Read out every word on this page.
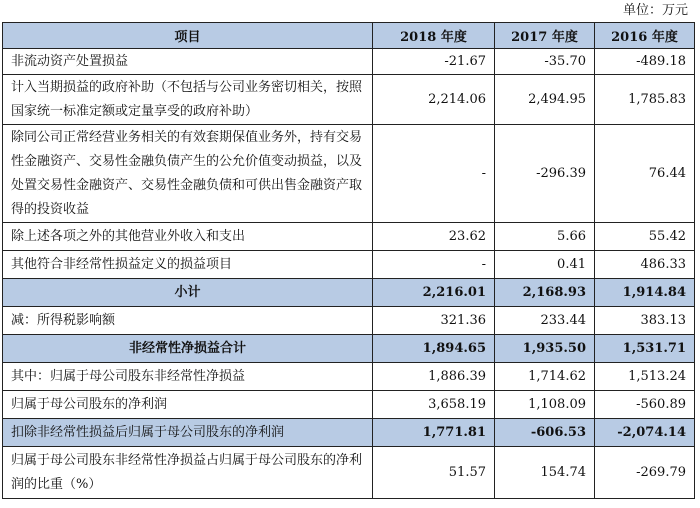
单位：万元
项目	2018 年度	2017 年度	2016 年度
非流动资产处置损益	-21.67	-35.70	-489.18
计入当期损益的政府补助（不包括与公司业务密切相关，按照国家统一标准定额或定量享受的政府补助）	2,214.06	2,494.95	1,785.83
除同公司正常经营业务相关的有效套期保值业务外，持有交易性金融资产、交易性金融负债产生的公允价值变动损益，以及处置交易性金融资产、交易性金融负债和可供出售金融资产取得的投资收益	-	-296.39	76.44
除上述各项之外的其他营业外收入和支出	23.62	5.66	55.42
其他符合非经常性损益定义的损益项目	-	0.41	486.33
小计	2,216.01	2,168.93	1,914.84
减：所得税影响额	321.36	233.44	383.13
非经常性净损益合计	1,894.65	1,935.50	1,531.71
其中：归属于母公司股东非经常性净损益	1,886.39	1,714.62	1,513.24
归属于母公司股东的净利润	3,658.19	1,108.09	-560.89
扣除非经常性损益后归属于母公司股东的净利润	1,771.81	-606.53	-2,074.14
归属于母公司股东非经常性净损益占归属于母公司股东的净利润的比重（%）	51.57	154.74	-269.79
